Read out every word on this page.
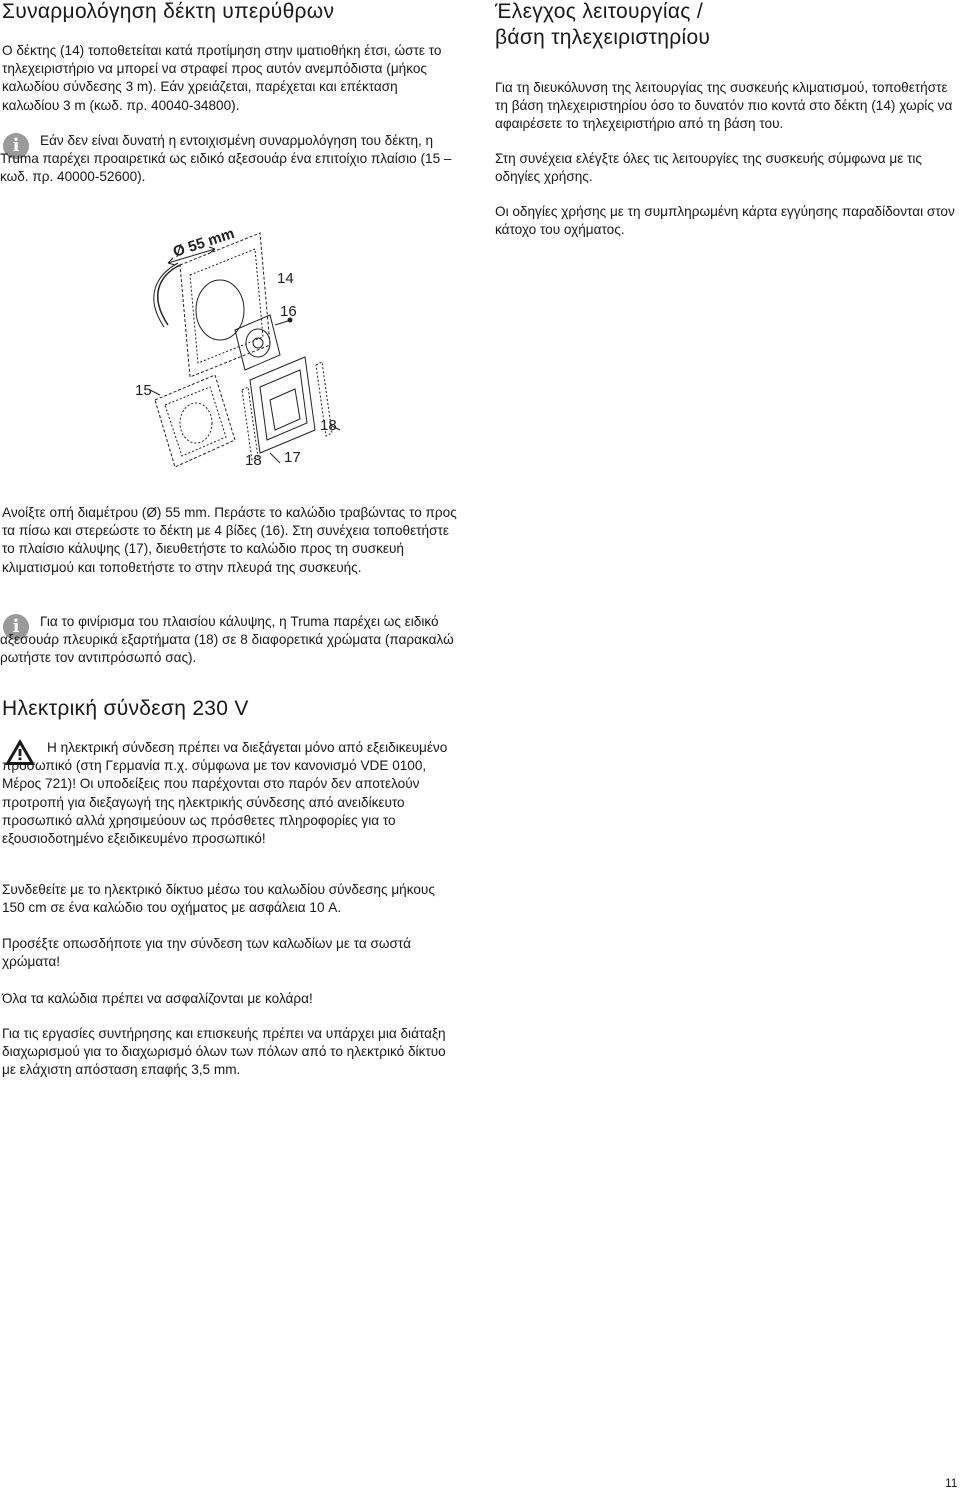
Συναρμολόγηση δέκτη υπερύθρων

Ο δέκτης (14) τοποθετείται κατά προτίμηση στην ιματιοθήκη έτσι, ώστε το τηλεχειριστήριο να μπορεί να στραφεί προς αυτόν ανεμπόδιστα (μήκος καλωδίου σύνδεσης 3 m). Εάν χρειάζεται, παρέχεται και επέκταση καλωδίου 3 m (κωδ. πρ. 40040-34800).

i	Εάν δεν είναι δυνατή η εντοιχισμένη συναρμολόγηση του δέκτη, η Truma παρέχει προαιρετικά ως ειδικό αξεσουάρ ένα επιτοίχιο πλαίσιο (15 – κωδ. πρ. 40000-52600).

Ø 55 mm
14
16
15
18
18 17

Ανοίξτε οπή διαμέτρου (Ø) 55 mm. Περάστε το καλώδιο τραβώντας το προς τα πίσω και στερεώστε το δέκτη με 4 βίδες (16). Στη συνέχεια τοποθετήστε το πλαίσιο κάλυψης (17), διευθετήστε το καλώδιο προς τη συσκευή κλιματισμού και τοποθετήστε το στην πλευρά της συσκευής.

i	Για το φινίρισμα του πλαισίου κάλυψης, η Truma παρέχει ως ειδικό αξεσουάρ πλευρικά εξαρτήματα (18) σε 8 διαφορετικά χρώματα (παρακαλώ ρωτήστε τον αντιπρόσωπό σας).

Ηλεκτρική σύνδεση 230 V

Η ηλεκτρική σύνδεση πρέπει να διεξάγεται μόνο από εξειδικευμένο προσωπικό (στη Γερμανία π.χ. σύμφωνα με τον κανονισμό VDE 0100, Μέρος 721)! Οι υποδείξεις που παρέχονται στο παρόν δεν αποτελούν προτροπή για διεξαγωγή της ηλεκτρικής σύνδεσης από ανειδίκευτο προσωπικό αλλά χρησιμεύουν ως πρόσθετες πληροφορίες για το εξουσιοδοτημένο εξειδικευμένο προσωπικό!

Συνδεθείτε με το ηλεκτρικό δίκτυο μέσω του καλωδίου σύνδεσης μήκους 150 cm σε ένα καλώδιο του οχήματος με ασφάλεια 10 A.

Προσέξτε οπωσδήποτε για την σύνδεση των καλωδίων με τα σωστά χρώματα!

Όλα τα καλώδια πρέπει να ασφαλίζονται με κολάρα!

Για τις εργασίες συντήρησης και επισκευής πρέπει να υπάρχει μια διάταξη διαχωρισμού για το διαχωρισμό όλων των πόλων από το ηλεκτρικό δίκτυο με ελάχιστη απόσταση επαφής 3,5 mm.

Έλεγχος λειτουργίας /
βάση τηλεχειριστηρίου

Για τη διευκόλυνση της λειτουργίας της συσκευής κλιματισμού, τοποθετήστε τη βάση τηλεχειριστηρίου όσο το δυνατόν πιο κοντά στο δέκτη (14) χωρίς να αφαιρέσετε το τηλεχειριστήριο από τη βάση του.

Στη συνέχεια ελέγξτε όλες τις λειτουργίες της συσκευής σύμφωνα με τις οδηγίες χρήσης.

Οι οδηγίες χρήσης με τη συμπληρωμένη κάρτα εγγύησης παραδίδονται στον κάτοχο του οχήματος.

11
